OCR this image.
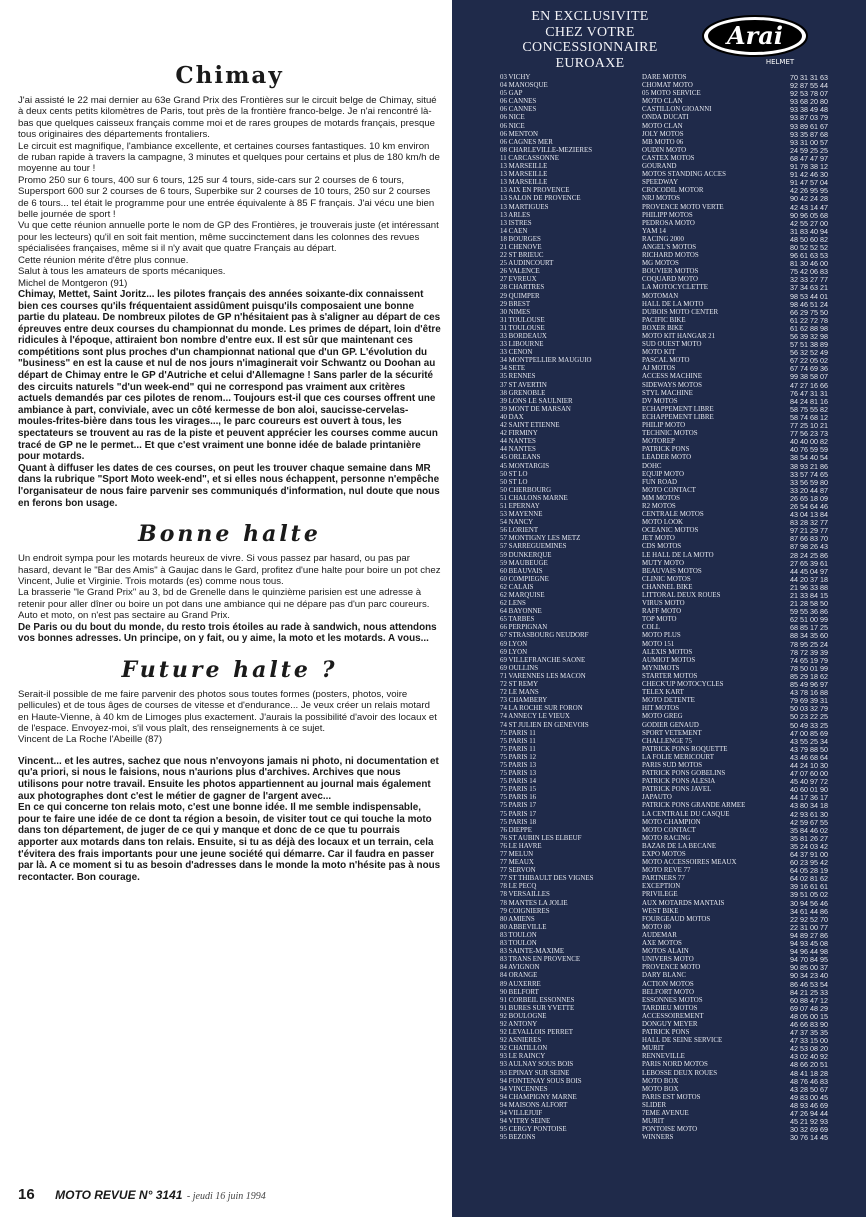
Chimay

J'ai assisté le 22 mai dernier au 63e Grand Prix des Frontières sur le circuit belge de Chimay, situé à deux cents petits kilomètres de Paris, tout près de la frontière franco-belge. Je n'ai rencontré là-bas que quelques caisseux français comme moi et de rares groupes de motards français, presque tous originaires des départements frontaliers.

Le circuit est magnifique, l'ambiance excellente, et certaines courses fantastiques. 10 km environ de ruban rapide à travers la campagne, 3 minutes et quelques pour certains et plus de 180 km/h de moyenne au tour !

Promo 250 sur 6 tours, 400 sur 6 tours, 125 sur 4 tours, side-cars sur 2 courses de 6 tours, Supersport 600 sur 2 courses de 6 tours, Superbike sur 2 courses de 10 tours, 250 sur 2 courses de 6 tours... tel était le programme pour une entrée équivalente à 85 F français. J'ai vécu une bien belle journée de sport !

Vu que cette réunion annuelle porte le nom de GP des Frontières, je trouverais juste (et intéressant pour les lecteurs) qu'il en soit fait mention, même succinctement dans les colonnes des revues spécialisées françaises, même si il n'y avait que quatre Français au départ.

Cette réunion mérite d'être plus connue.

Salut à tous les amateurs de sports mécaniques.

Michel de Montgeron (91)

Chimay, Mettet, Saint Joritz... les pilotes français des années soixante-dix connaissent bien ces courses qu'ils fréquentaient assidûment puisqu'ils composaient une bonne partie du plateau. De nombreux pilotes de GP n'hésitaient pas à s'aligner au départ de ces épreuves entre deux courses du championnat du monde. Les primes de départ, loin d'être ridicules à l'époque, attiraient bon nombre d'entre eux. Il est sûr que maintenant ces compétitions sont plus proches d'un championnat national que d'un GP. L'évolution du "business" en est la cause et nul de nos jours n'imaginerait voir Schwantz ou Doohan au départ de Chimay entre le GP d'Autriche et celui d'Allemagne ! Sans parler de la sécurité des circuits naturels "d'un week-end" qui ne correspond pas vraiment aux critères actuels demandés par ces pilotes de renom... Toujours est-il que ces courses offrent une ambiance à part, conviviale, avec un côté kermesse de bon aloi, saucisse-cervelas-moules-frites-bière dans tous les virages..., le parc coureurs est ouvert à tous, les spectateurs se trouvent au ras de la piste et peuvent apprécier les courses comme aucun tracé de GP ne le permet... Et que c'est vraiment une bonne idée de balade printanière pour motards.

Quant à diffuser les dates de ces courses, on peut les trouver chaque semaine dans MR dans la rubrique "Sport Moto week-end", et si elles nous échappent, personne n'empêche l'organisateur de nous faire parvenir ses communiqués d'information, nul doute que nous en ferons bon usage.

Bonne halte

Un endroit sympa pour les motards heureux de vivre. Si vous passez par hasard, ou pas par hasard, devant le "Bar des Amis" à Gaujac dans le Gard, profitez d'une halte pour boire un pot chez Vincent, Julie et Virginie. Trois motards (es) comme nous tous.

La brasserie "le Grand Prix" au 3, bd de Grenelle dans le quinzième parisien est une adresse à retenir pour aller dîner ou boire un pot dans une ambiance qui ne dépare pas d'un parc coureurs. Auto et moto, on n'est pas sectaire au Grand Prix.

De Paris ou du bout du monde, du resto trois étoiles au rade à sandwich, nous attendons vos bonnes adresses. Un principe, on y fait, ou y aime, la moto et les motards. A vous...

Future halte ?

Serait-il possible de me faire parvenir des photos sous toutes formes (posters, photos, voire pellicules) et de tous âges de courses de vitesse et d'endurance... Je veux créer un relais motard en Haute-Vienne, à 40 km de Limoges plus exactement. J'aurais la possibilité d'avoir des locaux et de l'espace. Envoyez-moi, s'il vous plaît, des renseignements à ce sujet.

Vincent de La Roche l'Abeille (87)

Vincent... et les autres, sachez que nous n'envoyons jamais ni photo, ni documentation et qu'a priori, si nous le faisions, nous n'aurions plus d'archives. Archives que nous utilisons pour notre travail. Ensuite les photos appartiennent au journal mais également aux photographes dont c'est le métier de gagner de l'argent avec...

En ce qui concerne ton relais moto, c'est une bonne idée. Il me semble indispensable, pour te faire une idée de ce dont ta région a besoin, de visiter tout ce qui touche la moto dans ton département, de juger de ce qui y manque et donc de ce que tu pourrais apporter aux motards dans ton relais. Ensuite, si tu as déjà des locaux et un terrain, cela t'évitera des frais importants pour une jeune société qui démarre. Car il faudra en passer par là. A ce moment si tu as besoin d'adresses dans le monde la moto n'hésite pas à nous recontacter. Bon courage.

16 MOTO REVUE N° 3141 - jeudi 16 juin 1994
EN EXCLUSIVITE
CHEZ VOTRE
CONCESSIONNAIRE
EUROAXE
Arai
HELMET
03 VICHY
04 MANOSQUE
05 GAP
06 CANNES
06 CANNES
06 NICE
06 NICE
06 MENTON
06 CAGNES MER
08 CHARLEVILLE-MEZIERES
11 CARCASSONNE
13 MARSEILLE
13 MARSEILLE
13 MARSEILLE
13 AIX EN PROVENCE
13 SALON DE PROVENCE
13 MARTIGUES
13 ARLES
13 ISTRES
14 CAEN
18 BOURGES
21 CHENOVE
22 ST BRIEUC
25 AUDINCOURT
26 VALENCE
27 EVREUX
28 CHARTRES
29 QUIMPER
29 BREST
30 NIMES
31 TOULOUSE
31 TOULOUSE
33 BORDEAUX
33 LIBOURNE
33 CENON
34 MONTPELLIER MAUGUIO
34 SETE
35 RENNES
37 ST AVERTIN
38 GRENOBLE
39 LONS LE SAULNIER
39 MONT DE MARSAN
40 DAX
42 SAINT ETIENNE
42 FIRMINY
44 NANTES
44 NANTES
45 ORLEANS
45 MONTARGIS
50 ST LO
50 ST LO
50 CHERBOURG
51 CHALONS MARNE
51 EPERNAY
53 MAYENNE
54 NANCY
56 LORIENT
57 MONTIGNY LES METZ
57 SARREGUEMINES
59 DUNKERQUE
59 MAUBEUGE
60 BEAUVAIS
60 COMPIEGNE
62 CALAIS
62 MARQUISE
62 LENS
64 BAYONNE
65 TARBES
66 PERPIGNAN
67 STRASBOURG NEUDORF
69 LYON
69 LYON
69 VILLEFRANCHE SAONE
69 OULLINS
71 VARENNES LES MACON
72 ST REMY
72 LE MANS
73 CHAMBERY
74 LA ROCHE SUR FORON
74 ANNECY LE VIEUX
74 ST JULIEN EN GENEVOIS
75 PARIS 11
75 PARIS 11
75 PARIS 11
75 PARIS 12
75 PARIS 13
75 PARIS 13
75 PARIS 14
75 PARIS 15
75 PARIS 16
75 PARIS 17
75 PARIS 17
75 PARIS 18
76 DIEPPE
76 ST AUBIN LES ELBEUF
76 LE HAVRE
77 MELUN
77 MEAUX
77 SERVON
77 ST THIBAULT DES VIGNES
78 LE PECQ
78 VERSAILLES
78 MANTES LA JOLIE
79 COIGNIERES
80 AMIENS
80 ABBEVILLE
83 TOULON
83 TOULON
83 SAINTE-MAXIME
83 TRANS EN PROVENCE
84 AVIGNON
84 ORANGE
89 AUXERRE
90 BELFORT
91 CORBEIL ESSONNES
91 BURES SUR YVETTE
92 BOULOGNE
92 ANTONY
92 LEVALLOIS PERRET
92 ASNIERES
92 CHATILLON
93 LE RAINCY
93 AULNAY SOUS BOIS
93 EPINAY SUR SEINE
94 FONTENAY SOUS BOIS
94 VINCENNES
94 CHAMPIGNY MARNE
94 MAISONS ALFORT
94 VILLEJUIF
94 VITRY SEINE
95 CERGY PONTOISE
95 BEZONS
DARE MOTOS
CHOMAT MOTO
05 MOTO SERVICE
MOTO CLAN
CASTILLON GIOANNI
ONDA DUCATI
MOTO CLAN
JOLY MOTOS
MB MOTO 06
OUDIN MOTO
CASTEX MOTOS
GOURAND
MOTOS STANDING ACCES
SPEEDWAY
CROCODIL MOTOR
NRJ MOTOS
PROVENCE MOTO VERTE
PHILIPP MOTOS
PEDROSA MOTO
YAM 14
RACING 2000
ANGEL'S MOTOS
RICHARD MOTOS
MG MOTOS
BOUVIER MOTOS
COQUARD MOTO
LA MOTOCYCLETTE
MOTOMAN
HALL DE LA MOTO
DUBOIS MOTO CENTER
PACIFIC BIKE
BOXER BIKE
MOTO KIT HANGAR 21
SUD OUEST MOTO
MOTO KIT
PASCAL MOTO
AJ MOTOS
ACCESS MACHINE
SIDEWAYS MOTOS
STYL MACHINE
DV MOTOS
ECHAPPEMENT LIBRE
ECHAPPEMENT LIBRE
PHILIP MOTO
TECHNIC MOTOS
MOTOREP
PATRICK PONS
LEADER MOTO
DOHC
EQUIP MOTO
FUN ROAD
MOTO CONTACT
MM MOTOS
R2 MOTOS
CENTRALE MOTOS
MOTO LOOK
OCEANIC MOTOS
JET MOTO
CDS MOTOS
LE HALL DE LA MOTO
MUTY MOTO
BEAUVAIS MOTOS
CLINIC MOTOS
CHANNEL BIKE
LITTORAL DEUX ROUES
VIRUS MOTO
RAFF MOTO
TOP MOTO
COLL
MOTO PLUS
MOTO 151
ALEXIS MOTOS
AUMIOT MOTOS
MYNIMOTS
STARTER MOTOS
CHECK'UP MOTOCYCLES
TELEX KART
MOTO DETENTE
HIT MOTOS
MOTO GREG
GODIER GENAUD
SPORT VETEMENT
CHALLENGE 75
PATRICK PONS ROQUETTE
LA FOLIE MERICOURT
PARIS SUD MOTOS
PATRICK PONS GOBELINS
PATRICK PONS ALESIA
PATRICK PONS JAVEL
JAPAUTO
PATRICK PONS GRANDE ARMEE
LA CENTRALE DU CASQUE
MOTO CHAMPION
MOTO CONTACT
MOTO RACING
BAZAR DE LA BECANE
EXPO MOTOS
MOTO ACCESSOIRES MEAUX
MOTO REVE 77
PARTNERS 77
EXCEPTION
PRIVILEGE
AUX MOTARDS MANTAIS
WEST BIKE
FOURGEAUD MOTOS
MOTO 80
AUDEMAR
AXE MOTOS
MOTOS ALAIN
UNIVERS MOTO
PROVENCE MOTO
DARY BLANC
ACTION MOTOS
BELFORT MOTO
ESSONNES MOTOS
TARDIEU MOTOS
ACCESSOIREMENT
DONGUY MEYER
PATRICK PONS
HALL DE SEINE SERVICE
MURIT
RENNEVILLE
PARIS NORD MOTOS
LEBOSSE DEUX ROUES
MOTO BOX
MOTO BOX
PARIS EST MOTOS
SLIDER
7EME AVENUE
MURIT
PONTOISE MOTO
WINNERS
70 31 31 63
92 87 55 44
92 53 78 07
93 68 20 80
93 38 49 48
93 87 03 79
93 89 61 67
93 35 87 68
93 31 00 57
24 59 25 25
68 47 47 97
91 78 38 12
91 42 46 30
91 47 57 04
42 26 95 95
90 42 24 28
42 43 14 47
90 96 05 68
42 55 27 00
31 83 40 94
48 50 60 82
80 52 52 52
96 61 63 53
81 30 46 00
75 42 06 83
32 33 27 77
37 34 63 21
98 53 44 01
98 46 51 24
66 29 75 50
61 22 72 78
61 62 88 98
56 39 32 98
57 51 38 89
56 32 52 49
67 22 05 02
67 74 69 36
99 38 58 07
47 27 16 66
76 47 31 31
84 24 81 16
58 75 55 82
58 74 68 12
77 25 10 21
77 56 23 73
40 40 00 82
40 76 59 59
38 54 40 54
38 93 21 86
33 57 74 65
33 56 59 80
33 20 44 87
26 65 18 09
26 54 64 46
43 04 13 84
83 28 32 77
97 21 29 77
87 66 83 70
87 98 26 43
28 24 25 86
27 65 39 61
44 45 04 97
44 20 37 18
21 96 33 88
21 33 84 15
21 28 58 50
59 55 36 86
62 51 00 99
68 85 17 25
88 34 35 60
78 95 25 24
78 72 39 39
74 65 19 79
78 50 01 99
85 29 18 62
85 49 96 97
43 78 16 88
79 69 39 31
50 03 32 79
50 23 22 25
50 49 33 25
47 00 85 69
43 55 25 34
43 79 88 50
43 46 68 64
44 24 10 30
47 07 60 00
45 40 97 72
40 60 01 90
44 17 36 17
43 80 34 18
42 93 61 30
42 59 67 55
35 84 46 02
35 81 26 27
35 24 03 42
64 37 91 00
60 23 95 42
64 05 28 19
64 02 81 62
39 16 61 61
39 51 05 02
30 94 56 46
34 61 44 86
22 92 52 70
22 31 00 77
94 89 27 86
94 93 45 08
94 96 44 98
94 70 84 95
90 85 00 37
90 34 23 40
86 46 53 54
84 21 25 33
60 88 47 12
69 07 48 29
48 05 00 15
46 66 83 90
47 37 35 35
47 33 15 00
42 53 08 20
43 02 40 92
48 66 20 51
48 41 18 28
48 76 46 83
43 28 50 67
49 83 00 45
48 93 46 69
47 26 94 44
45 21 92 93
30 32 69 69
30 76 14 45
